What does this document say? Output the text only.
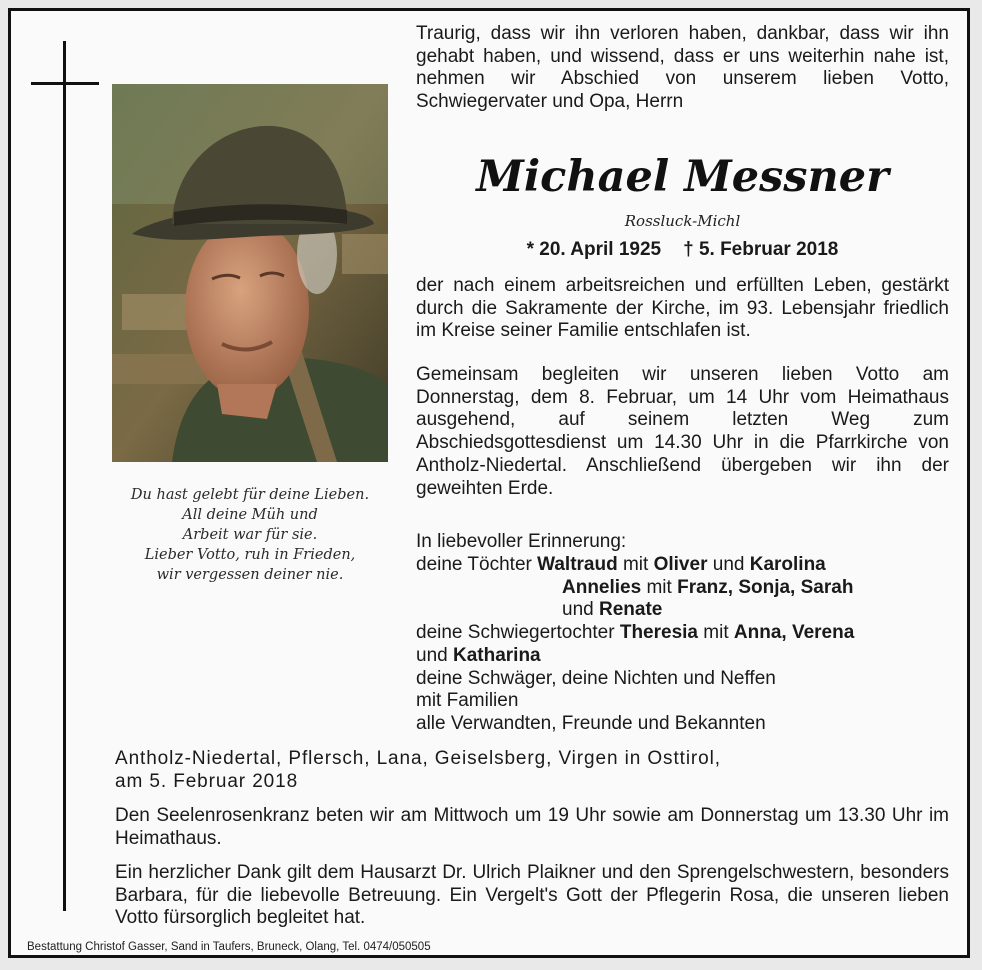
Du hast gelebt für deine Lieben.
All deine Müh und
Arbeit war für sie.
Lieber Votto, ruh in Frieden,
wir vergessen deiner nie.
Traurig, dass wir ihn verloren haben, dankbar, dass wir ihn gehabt haben, und wissend, dass er uns weiterhin nahe ist, nehmen wir Abschied von unserem lieben Votto, Schwiegervater und Opa, Herrn
Michael Messner
Rossluck-Michl
* 20. April 1925 † 5. Februar 2018
der nach einem arbeitsreichen und erfüllten Leben, gestärkt durch die Sakramente der Kirche, im 93. Lebensjahr friedlich im Kreise seiner Familie entschlafen ist.
Gemeinsam begleiten wir unseren lieben Votto am Donnerstag, dem 8. Februar, um 14 Uhr vom Heimathaus ausgehend, auf seinem letzten Weg zum Abschiedsgottesdienst um 14.30 Uhr in die Pfarrkirche von Antholz-Niedertal. Anschließend übergeben wir ihn der geweihten Erde.
In liebevoller Erinnerung:
deine Töchter Waltraud mit Oliver und Karolina
Annelies mit Franz, Sonja, Sarah
und Renate
deine Schwiegertochter Theresia mit Anna, Verena
und Katharina
deine Schwäger, deine Nichten und Neffen
mit Familien
alle Verwandten, Freunde und Bekannten
Antholz-Niedertal, Pflersch, Lana, Geiselsberg, Virgen in Osttirol,
am 5. Februar 2018
Den Seelenrosenkranz beten wir am Mittwoch um 19 Uhr sowie am Donnerstag um 13.30 Uhr im Heimathaus.
Ein herzlicher Dank gilt dem Hausarzt Dr. Ulrich Plaikner und den Sprengelschwestern, besonders Barbara, für die liebevolle Betreuung. Ein Vergelt's Gott der Pflegerin Rosa, die unseren lieben Votto fürsorglich begleitet hat.
Bestattung Christof Gasser, Sand in Taufers, Bruneck, Olang, Tel. 0474/050505
